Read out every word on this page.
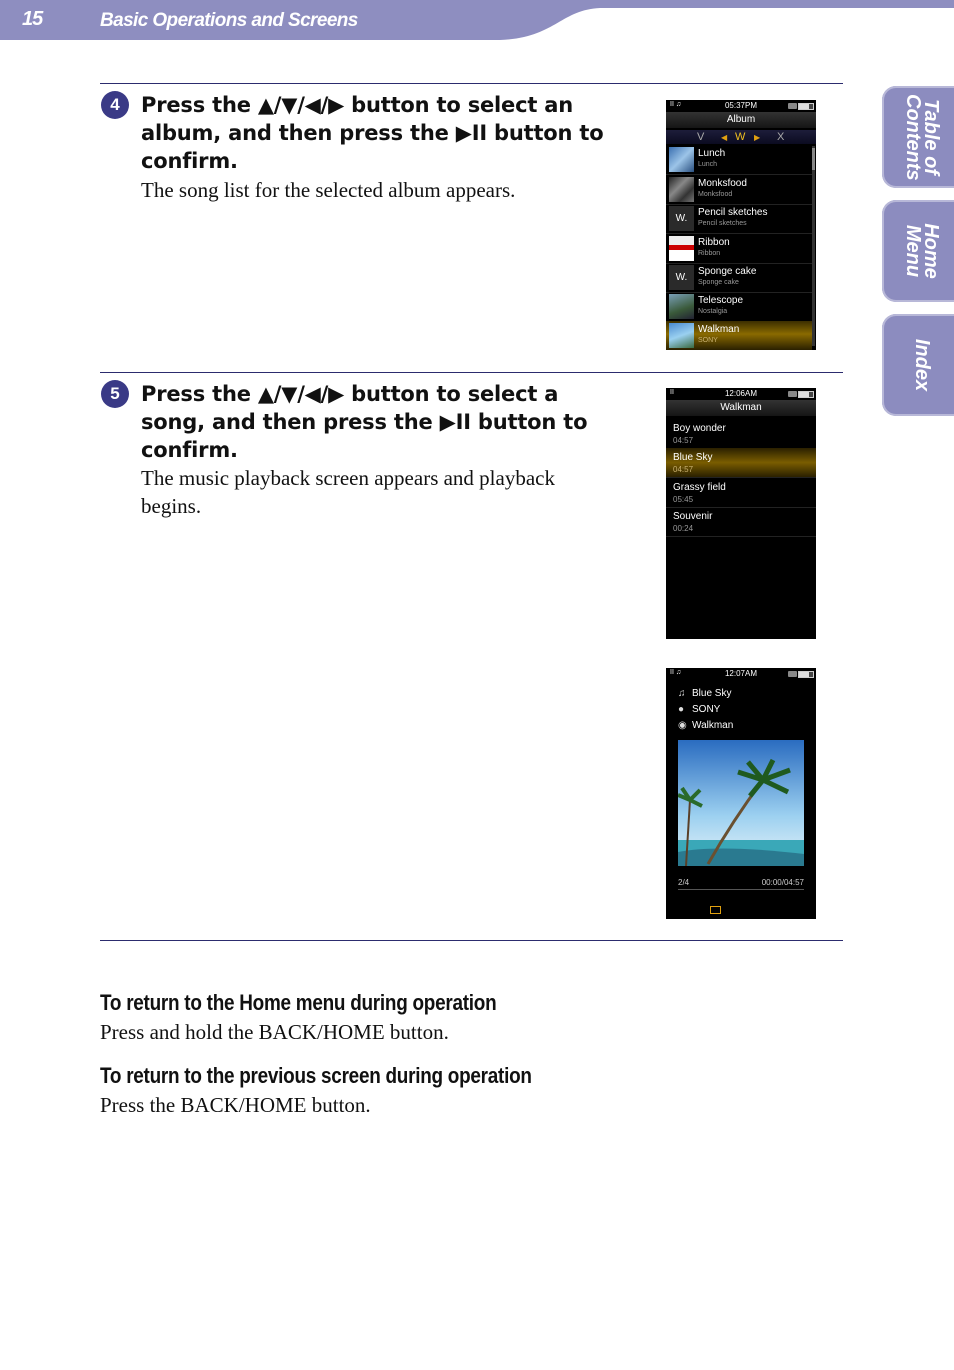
15	Basic Operations and Screens
Table of Contents
Home Menu
Index
4	Press the ▲/▼/◀/▶ button to select an album, and then press the ▶II button to confirm.
The song list for the selected album appears.
5	Press the ▲/▼/◀/▶ button to select a song, and then press the ▶II button to confirm.
The music playback screen appears and playback begins.
II ♫	05:37PM
Album
V ◀ W ▶ X
Lunch
Lunch
Monksfood
Monksfood
W.
Pencil sketches
Pencil sketches
Ribbon
Ribbon
W.
Sponge cake
Sponge cake
Telescope
Nostalgia
Walkman
SONY
II	12:06AM
Walkman
Boy wonder
04:57
Blue Sky
04:57
Grassy field
05:45
Souvenir
00:24
II ♫	12:07AM
♫ Blue Sky
● SONY
◉ Walkman
2/4	00:00/04:57
To return to the Home menu during operation
Press and hold the BACK/HOME button.
To return to the previous screen during operation
Press the BACK/HOME button.
